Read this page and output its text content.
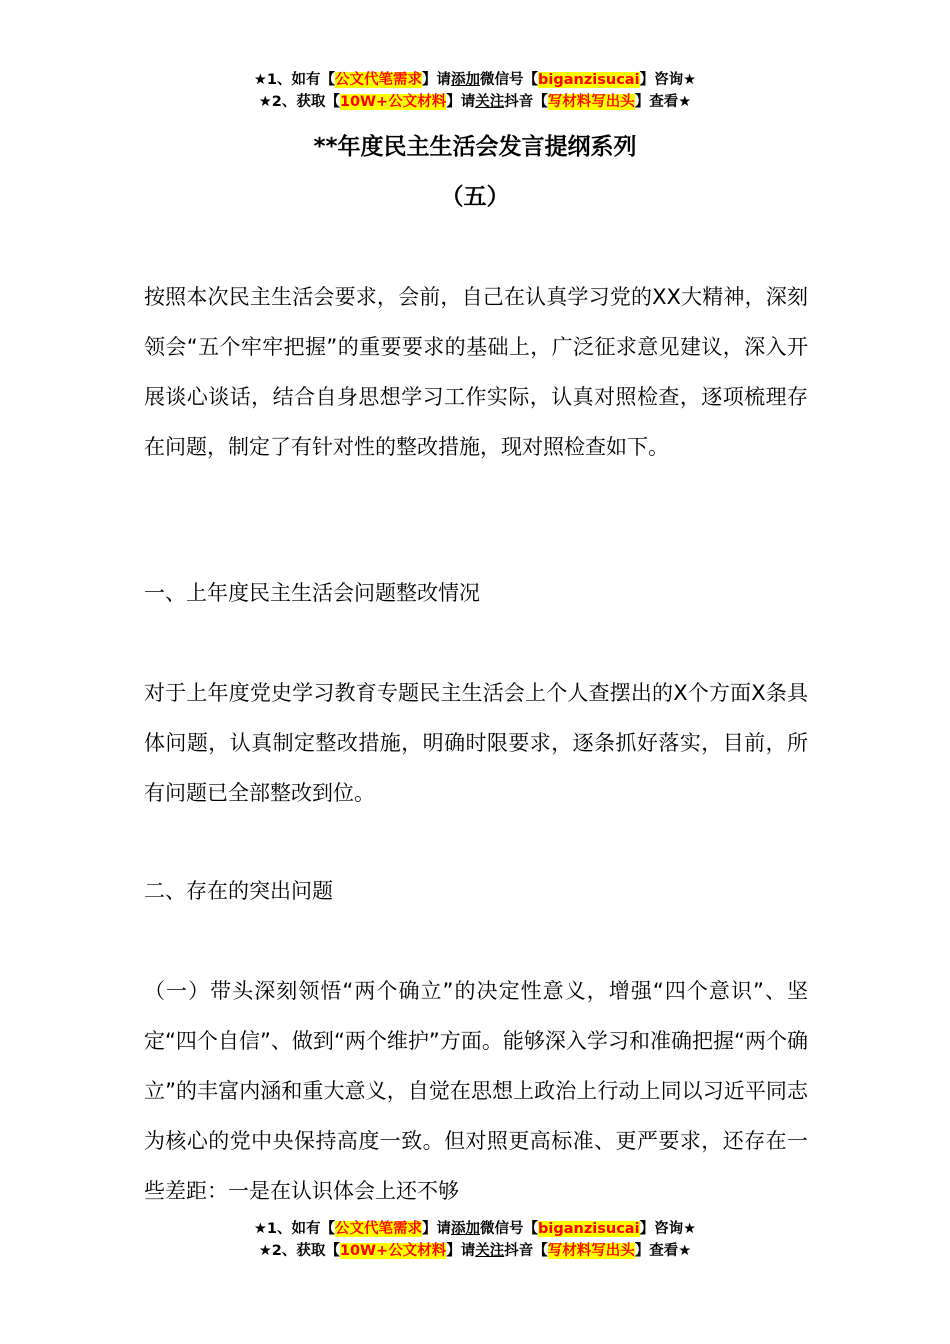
★1、如有【公文代笔需求】请添加微信号【biganzisucai】咨询★
★2、获取【10W+公文材料】请关注抖音【写材料写出头】查看★
**年度民主生活会发言提纲系列
（五）

按照本次民主生活会要求，会前，自己在认真学习党的XX大精神，深刻领会“五个牢牢把握”的重要要求的基础上，广泛征求意见建议，深入开展谈心谈话，结合自身思想学习工作实际，认真对照检查，逐项梳理存在问题，制定了有针对性的整改措施，现对照检查如下。

一、上年度民主生活会问题整改情况

对于上年度党史学习教育专题民主生活会上个人查摆出的X个方面X条具体问题，认真制定整改措施，明确时限要求，逐条抓好落实，目前，所有问题已全部整改到位。

二、存在的突出问题

（一）带头深刻领悟“两个确立”的决定性意义，增强“四个意识”、坚定“四个自信”、做到“两个维护”方面。能够深入学习和准确把握“两个确立”的丰富内涵和重大意义，自觉在思想上政治上行动上同以习近平同志为核心的党中央保持高度一致。但对照更高标准、更严要求，还存在一些差距：一是在认识体会上还不够

★1、如有【公文代笔需求】请添加微信号【biganzisucai】咨询★
★2、获取【10W+公文材料】请关注抖音【写材料写出头】查看★
